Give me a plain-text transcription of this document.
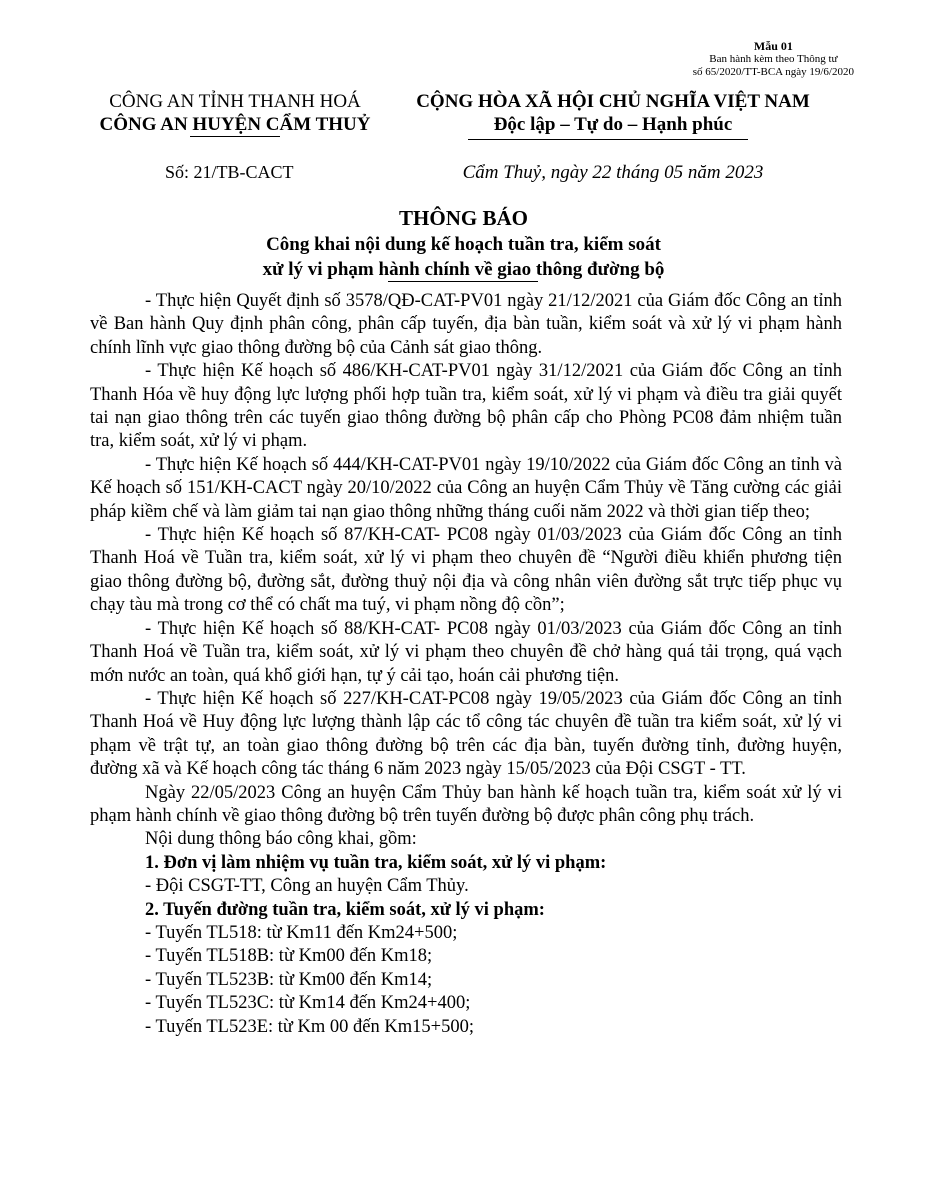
Mẫu 01
Ban hành kèm theo Thông tư
số 65/2020/TT-BCA ngày 19/6/2020
CÔNG AN TỈNH THANH HOÁ
CÔNG AN HUYỆN CẨM THUỶ
CỘNG HÒA XÃ HỘI CHỦ NGHĨA VIỆT NAM
Độc lập – Tự do – Hạnh phúc
Số: 21/TB-CACT	Cẩm Thuỷ, ngày 22 tháng 05 năm 2023
THÔNG BÁO
Công khai nội dung kế hoạch tuần tra, kiểm soát
xử lý vi phạm hành chính về giao thông đường bộ

- Thực hiện Quyết định số 3578/QĐ-CAT-PV01 ngày 21/12/2021 của Giám đốc Công an tỉnh về Ban hành Quy định phân công, phân cấp tuyến, địa bàn tuần, kiểm soát và xử lý vi phạm hành chính lĩnh vực giao thông đường bộ của Cảnh sát giao thông.

- Thực hiện Kế hoạch số 486/KH-CAT-PV01 ngày 31/12/2021 của Giám đốc Công an tỉnh Thanh Hóa về huy động lực lượng phối hợp tuần tra, kiểm soát, xử lý vi phạm và điều tra giải quyết tai nạn giao thông trên các tuyến giao thông đường bộ phân cấp cho Phòng PC08 đảm nhiệm tuần tra, kiểm soát, xử lý vi phạm.

- Thực hiện Kế hoạch số 444/KH-CAT-PV01 ngày 19/10/2022 của Giám đốc Công an tỉnh và Kế hoạch số 151/KH-CACT ngày 20/10/2022 của Công an huyện Cẩm Thủy về Tăng cường các giải pháp kiềm chế và làm giảm tai nạn giao thông những tháng cuối năm 2022 và thời gian tiếp theo;

- Thực hiện Kế hoạch số 87/KH-CAT- PC08 ngày 01/03/2023 của Giám đốc Công an tỉnh Thanh Hoá về Tuần tra, kiểm soát, xử lý vi phạm theo chuyên đề “Người điều khiển phương tiện giao thông đường bộ, đường sắt, đường thuỷ nội địa và công nhân viên đường sắt trực tiếp phục vụ chạy tàu mà trong cơ thể có chất ma tuý, vi phạm nồng độ cồn”;

- Thực hiện Kế hoạch số 88/KH-CAT- PC08 ngày 01/03/2023 của Giám đốc Công an tỉnh Thanh Hoá về Tuần tra, kiểm soát, xử lý vi phạm theo chuyên đề chở hàng quá tải trọng, quá vạch mớn nước an toàn, quá khổ giới hạn, tự ý cải tạo, hoán cải phương tiện.

- Thực hiện Kế hoạch số 227/KH-CAT-PC08 ngày 19/05/2023 của Giám đốc Công an tỉnh Thanh Hoá về Huy động lực lượng thành lập các tổ công tác chuyên đề tuần tra kiểm soát, xử lý vi phạm về trật tự, an toàn giao thông đường bộ trên các địa bàn, tuyến đường tỉnh, đường huyện, đường xã và Kế hoạch công tác tháng 6 năm 2023 ngày 15/05/2023 của Đội CSGT - TT.

Ngày 22/05/2023 Công an huyện Cẩm Thủy ban hành kế hoạch tuần tra, kiểm soát xử lý vi phạm hành chính về giao thông đường bộ trên tuyến đường bộ được phân công phụ trách.

Nội dung thông báo công khai, gồm:

1. Đơn vị làm nhiệm vụ tuần tra, kiểm soát, xử lý vi phạm:

- Đội CSGT-TT, Công an huyện Cẩm Thủy.

2. Tuyến đường tuần tra, kiểm soát, xử lý vi phạm:

- Tuyến TL518: từ Km11 đến Km24+500;

- Tuyến TL518B: từ Km00 đến Km18;

- Tuyến TL523B: từ Km00 đến Km14;

- Tuyến TL523C: từ Km14 đến Km24+400;

- Tuyến TL523E: từ Km 00 đến Km15+500;
